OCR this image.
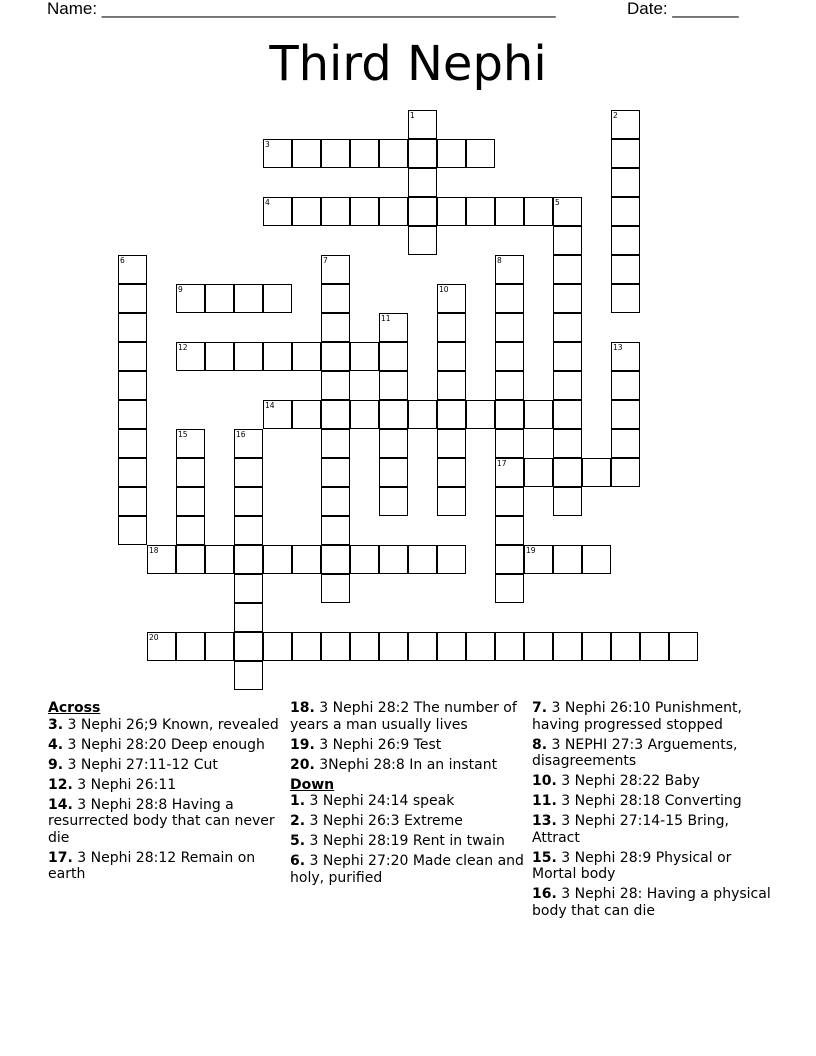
Name: ________________________________________________	Date: _______
Third Nephi
1	2
3
4	5
6	7	8
17
9	10
11
12	13
14
15	16
18	19
20
Across
3. 3 Nephi 26;9 Known, revealed
4. 3 Nephi 28:20 Deep enough
9. 3 Nephi 27:11-12 Cut
12. 3 Nephi 26:11
14. 3 Nephi 28:8 Having a resurrected body that can never die
17. 3 Nephi 28:12 Remain on earth
18. 3 Nephi 28:2 The number of years a man usually lives
19. 3 Nephi 26:9 Test
20. 3Nephi 28:8 In an instant
Down
1. 3 Nephi 24:14 speak
2. 3 Nephi 26:3 Extreme
5. 3 Nephi 28:19 Rent in twain
6. 3 Nephi 27:20 Made clean and holy, purified
7. 3 Nephi 26:10 Punishment, having progressed stopped
8. 3 NEPHI 27:3 Arguements, disagreements
10. 3 Nephi 28:22 Baby
11. 3 Nephi 28:18 Converting
13. 3 Nephi 27:14-15 Bring, Attract
15. 3 Nephi 28:9 Physical or Mortal body
16. 3 Nephi 28: Having a physical body that can die
